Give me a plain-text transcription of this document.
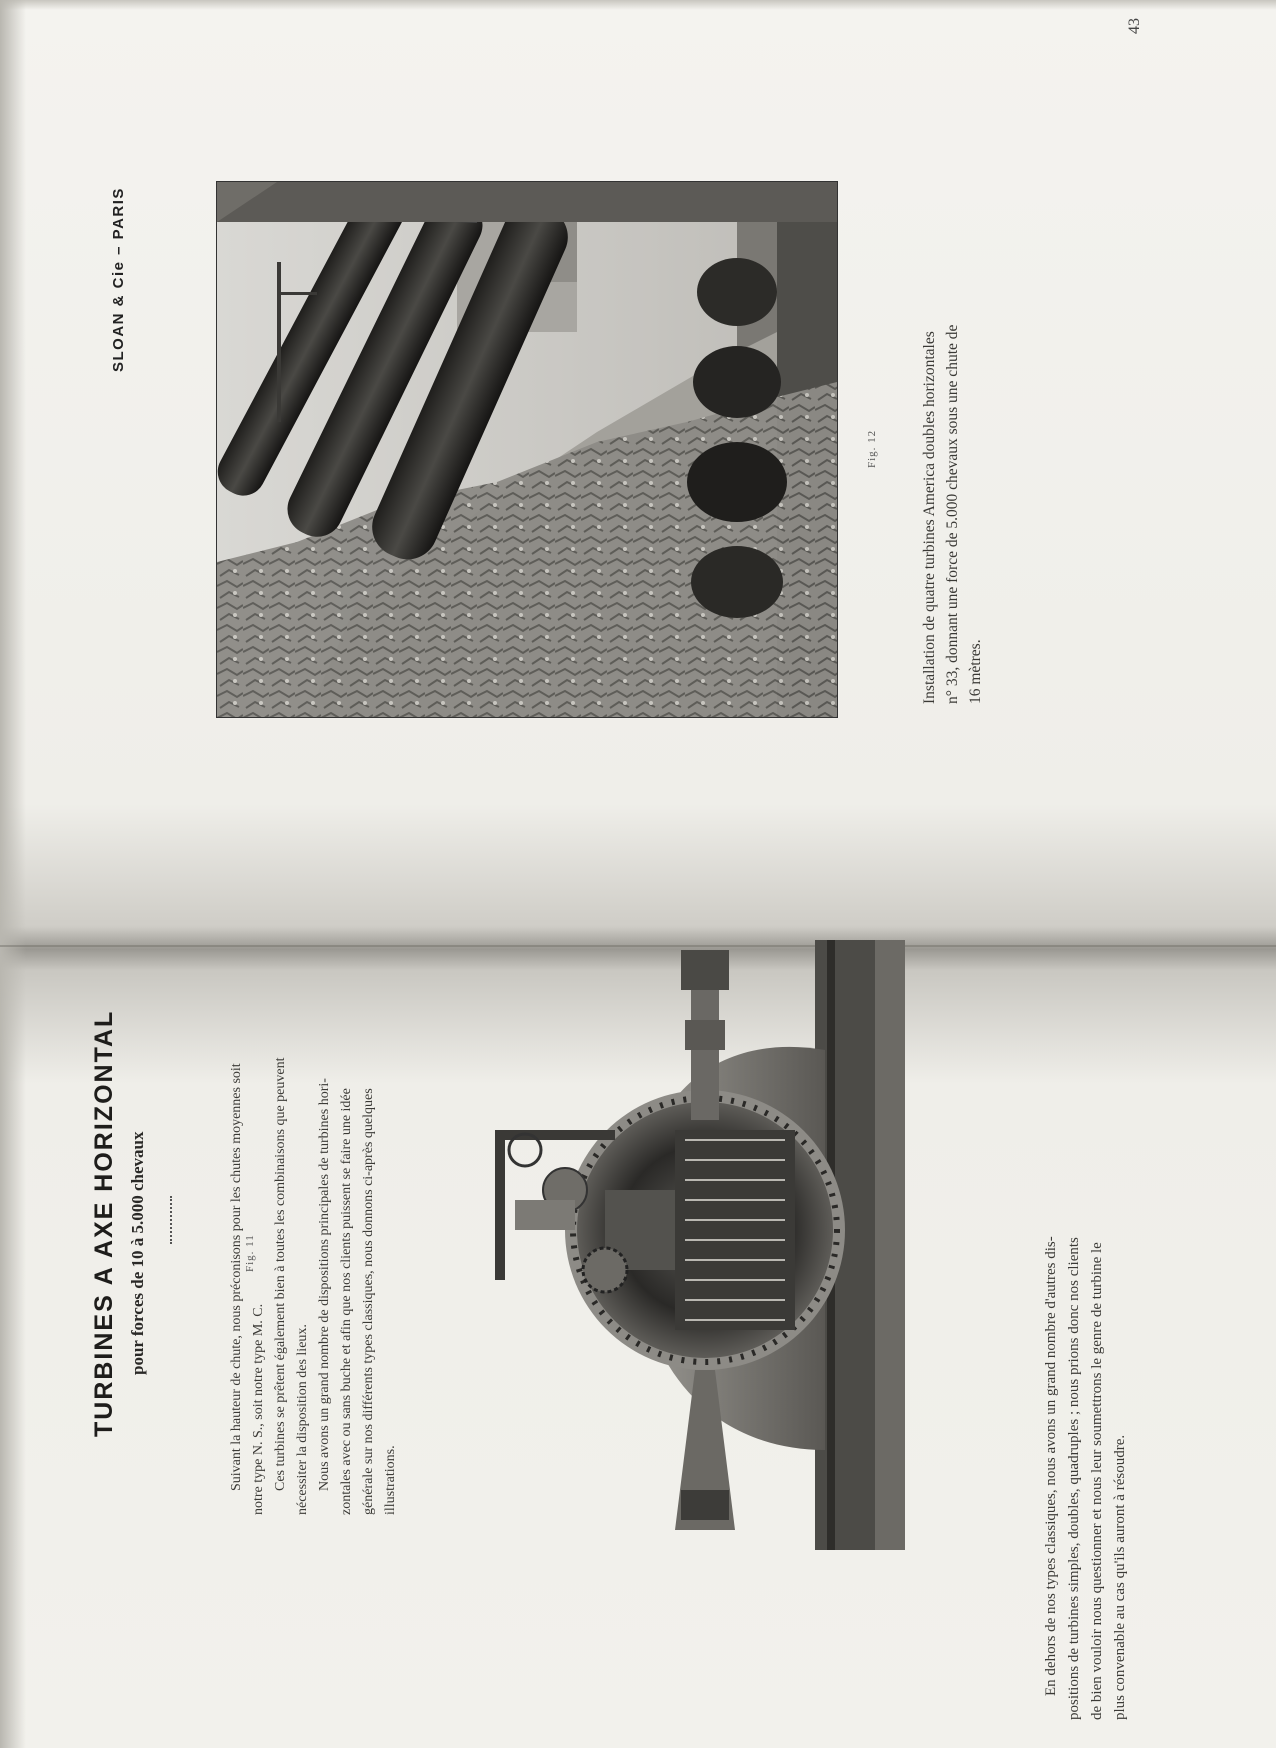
SLOAN & Cie – PARIS
Fig. 12	Installation de quatre turbines America doubles horizontales n° 33, donnant une force de 5.000 chevaux sous une chute de 16 mètres.
43
TURBINES A AXE HORIZONTAL pour forces de 10 à 5.000 chevaux	Suivant la hauteur de chute, nous préconisons pour les chutes moyennes soit notre type N. S., soit notre type M. C. Ces turbines se prêtent également bien à toutes les combinaisons que peuvent nécessiter la disposition des lieux. Nous avons un grand nombre de dispositions principales de turbines hori- zontales avec ou sans buche et afin que nos clients puissent se faire une idée générale sur nos différents types classiques, nous donnons ci-après quelques illustrations.

Fig. 11	En dehors de nos types classiques, nous avons un grand nombre d'autres dis- positions de turbines simples, doubles, quadruples ; nous prions donc nos clients de bien vouloir nous questionner et nous leur soumettrons le genre de turbine le plus convenable au cas qu'ils auront à résoudre.
